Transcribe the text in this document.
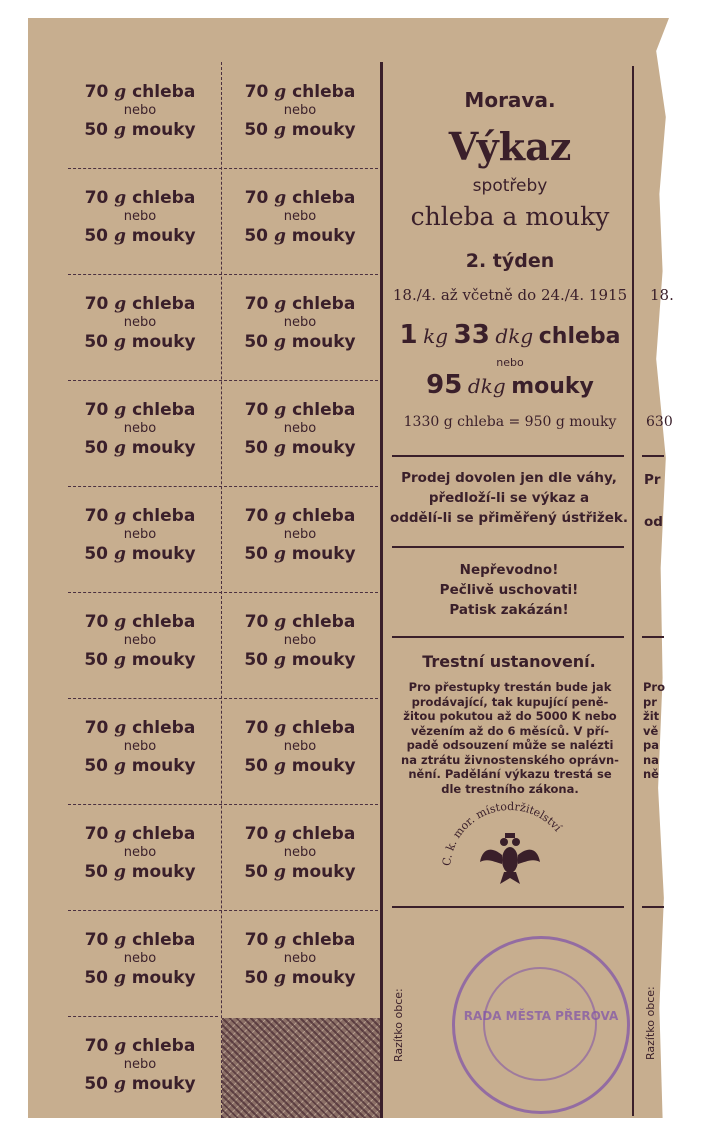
Morava.
Výkaz
spotřeby
chleba a mouky
2. týden
18./4. až včetně do 24./4. 1915
1 kg 33 dkg chleba
nebo
95 dkg mouky
1330 g chleba = 950 g mouky
Prodej dovolen jen dle váhy,
předloží-li se výkaz a
oddělí-li se přiměřený ústřižek.
Nepřevodno!
Pečlivě uschovati!
Patisk zakázán!
Trestní ustanovení.
Pro přestupky trestán bude jak
prodávající, tak kupující peně-
žitou pokutou až do 5000 K nebo
vězením až do 6 měsíců. V pří-
padě odsouzení může se nalézti
na ztrátu živnostenského oprávn-
nění. Padělání výkazu trestá se
dle trestního zákona.
C. k. mor. místodržitelství
Razítko obce:	RADA MĚSTA PŘEROVA
18.
630
Pr
od
Pro
pr
žit
vě
pa
na
ně
Razítko obce:
70 g chleba
nebo
50 g mouky
70 g chleba
nebo
50 g mouky
70 g chleba
nebo
50 g mouky
70 g chleba
nebo
50 g mouky
70 g chleba
nebo
50 g mouky
70 g chleba
nebo
50 g mouky
70 g chleba
nebo
50 g mouky
70 g chleba
nebo
50 g mouky
70 g chleba
nebo
50 g mouky
70 g chleba
nebo
50 g mouky
70 g chleba
nebo
50 g mouky
70 g chleba
nebo
50 g mouky
70 g chleba
nebo
50 g mouky
70 g chleba
nebo
50 g mouky
70 g chleba
nebo
50 g mouky
70 g chleba
nebo
50 g mouky
70 g chleba
nebo
50 g mouky
70 g chleba
nebo
50 g mouky
70 g chleba
nebo
50 g mouky
